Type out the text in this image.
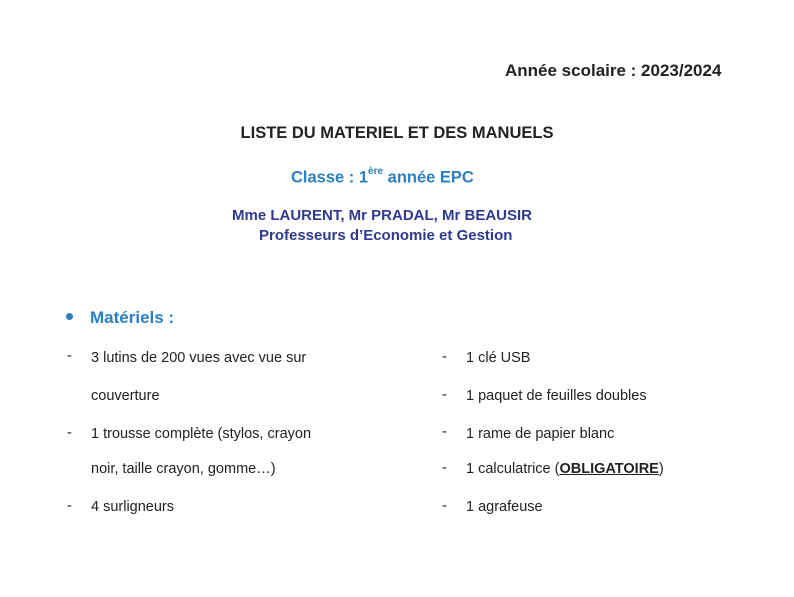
Année scolaire : 2023/2024
LISTE DU MATERIEL ET DES MANUELS
Classe : 1ère année EPC
Mme LAURENT, Mr PRADAL, Mr BEAUSIR
Professeurs d’Economie et Gestion
Matériels :
- 3 lutins de 200 vues avec vue sur
couverture
- 1 trousse complète (stylos, crayon
noir, taille crayon, gomme…)
- 4 surligneurs
- 1 clé USB
- 1 paquet de feuilles doubles
- 1 rame de papier blanc
- 1 calculatrice (OBLIGATOIRE)
- 1 agrafeuse
